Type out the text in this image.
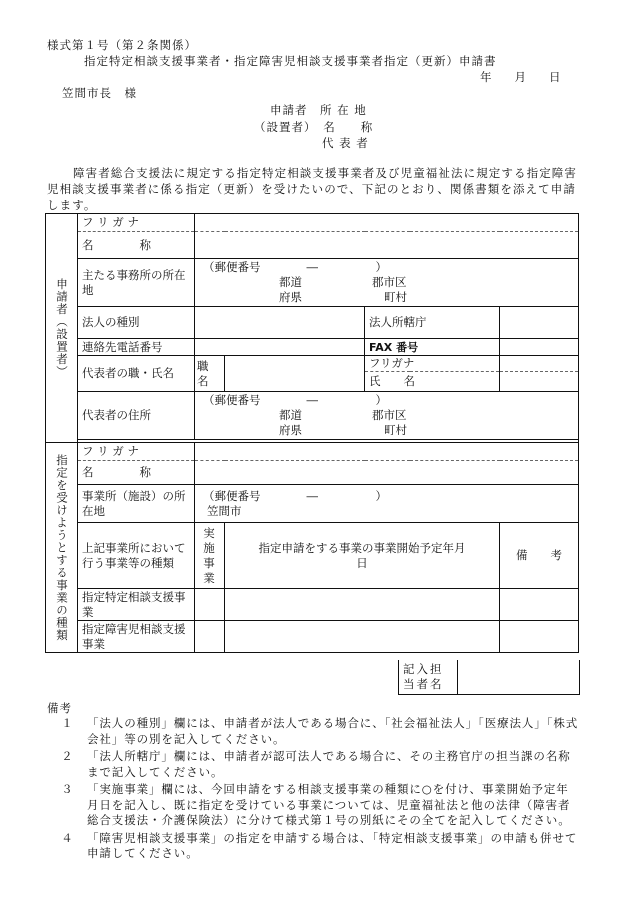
様式第１号（第２条関係）
指定特定相談支援事業者・指定障害児相談支援事業者指定（更新）申請書
年　　月　　日
笠間市長　様
申請者　所 在 地
（設置者）　名　　称
代 表 者
障害者総合支援法に規定する指定特定相談支援事業者及び児童福祉法に規定する指定障害児相談支援事業者に係る指定（更新）を受けたいので、下記のとおり、関係書類を添えて申請します。
申請者（設置者）	フ リ ガ ナ				
	名　　　　称				
	主たる事務所の所在地	（郵便番号　　　　―　　　　　）
都道 郡市区
府県 町村			

	法人の種別			法人所轄庁	
	連絡先電話番号			FAX 番号	
	代表者の職・氏名	職 名		フリガナ	
				氏　　名	
	代表者の住所	（郵便番号　　　　―　　　　　）
都道 郡市区
府県 町村			

指定を受けようとする事業の種類	フ リ ガ ナ				
	名　　　　称				
	事業所（施設）の所在地	（郵便番号　　　　―　　　　　）
笠間市			

	上記事業所において行う事業等の種類	実施事業	指定申請をする事業の事業開始予定年月日		備　　考
	指定特定相談支援事業				
	指定障害児相談支援事業				
記入担当者名
備考
１	「法人の種別」欄には、申請者が法人である場合に、「社会福祉法人」「医療法人」「株式会社」等の別を記入してください。
２	「法人所轄庁」欄には、申請者が認可法人である場合に、その主務官庁の担当課の名称まで記入してください。
３	「実施事業」欄には、今回申請をする相談支援事業の種類に○を付け、事業開始予定年月日を記入し、既に指定を受けている事業については、児童福祉法と他の法律（障害者総合支援法・介護保険法）に分けて様式第１号の別紙にその全てを記入してください。
４	「障害児相談支援事業」の指定を申請する場合は、「特定相談支援事業」の申請も併せて申請してください。
